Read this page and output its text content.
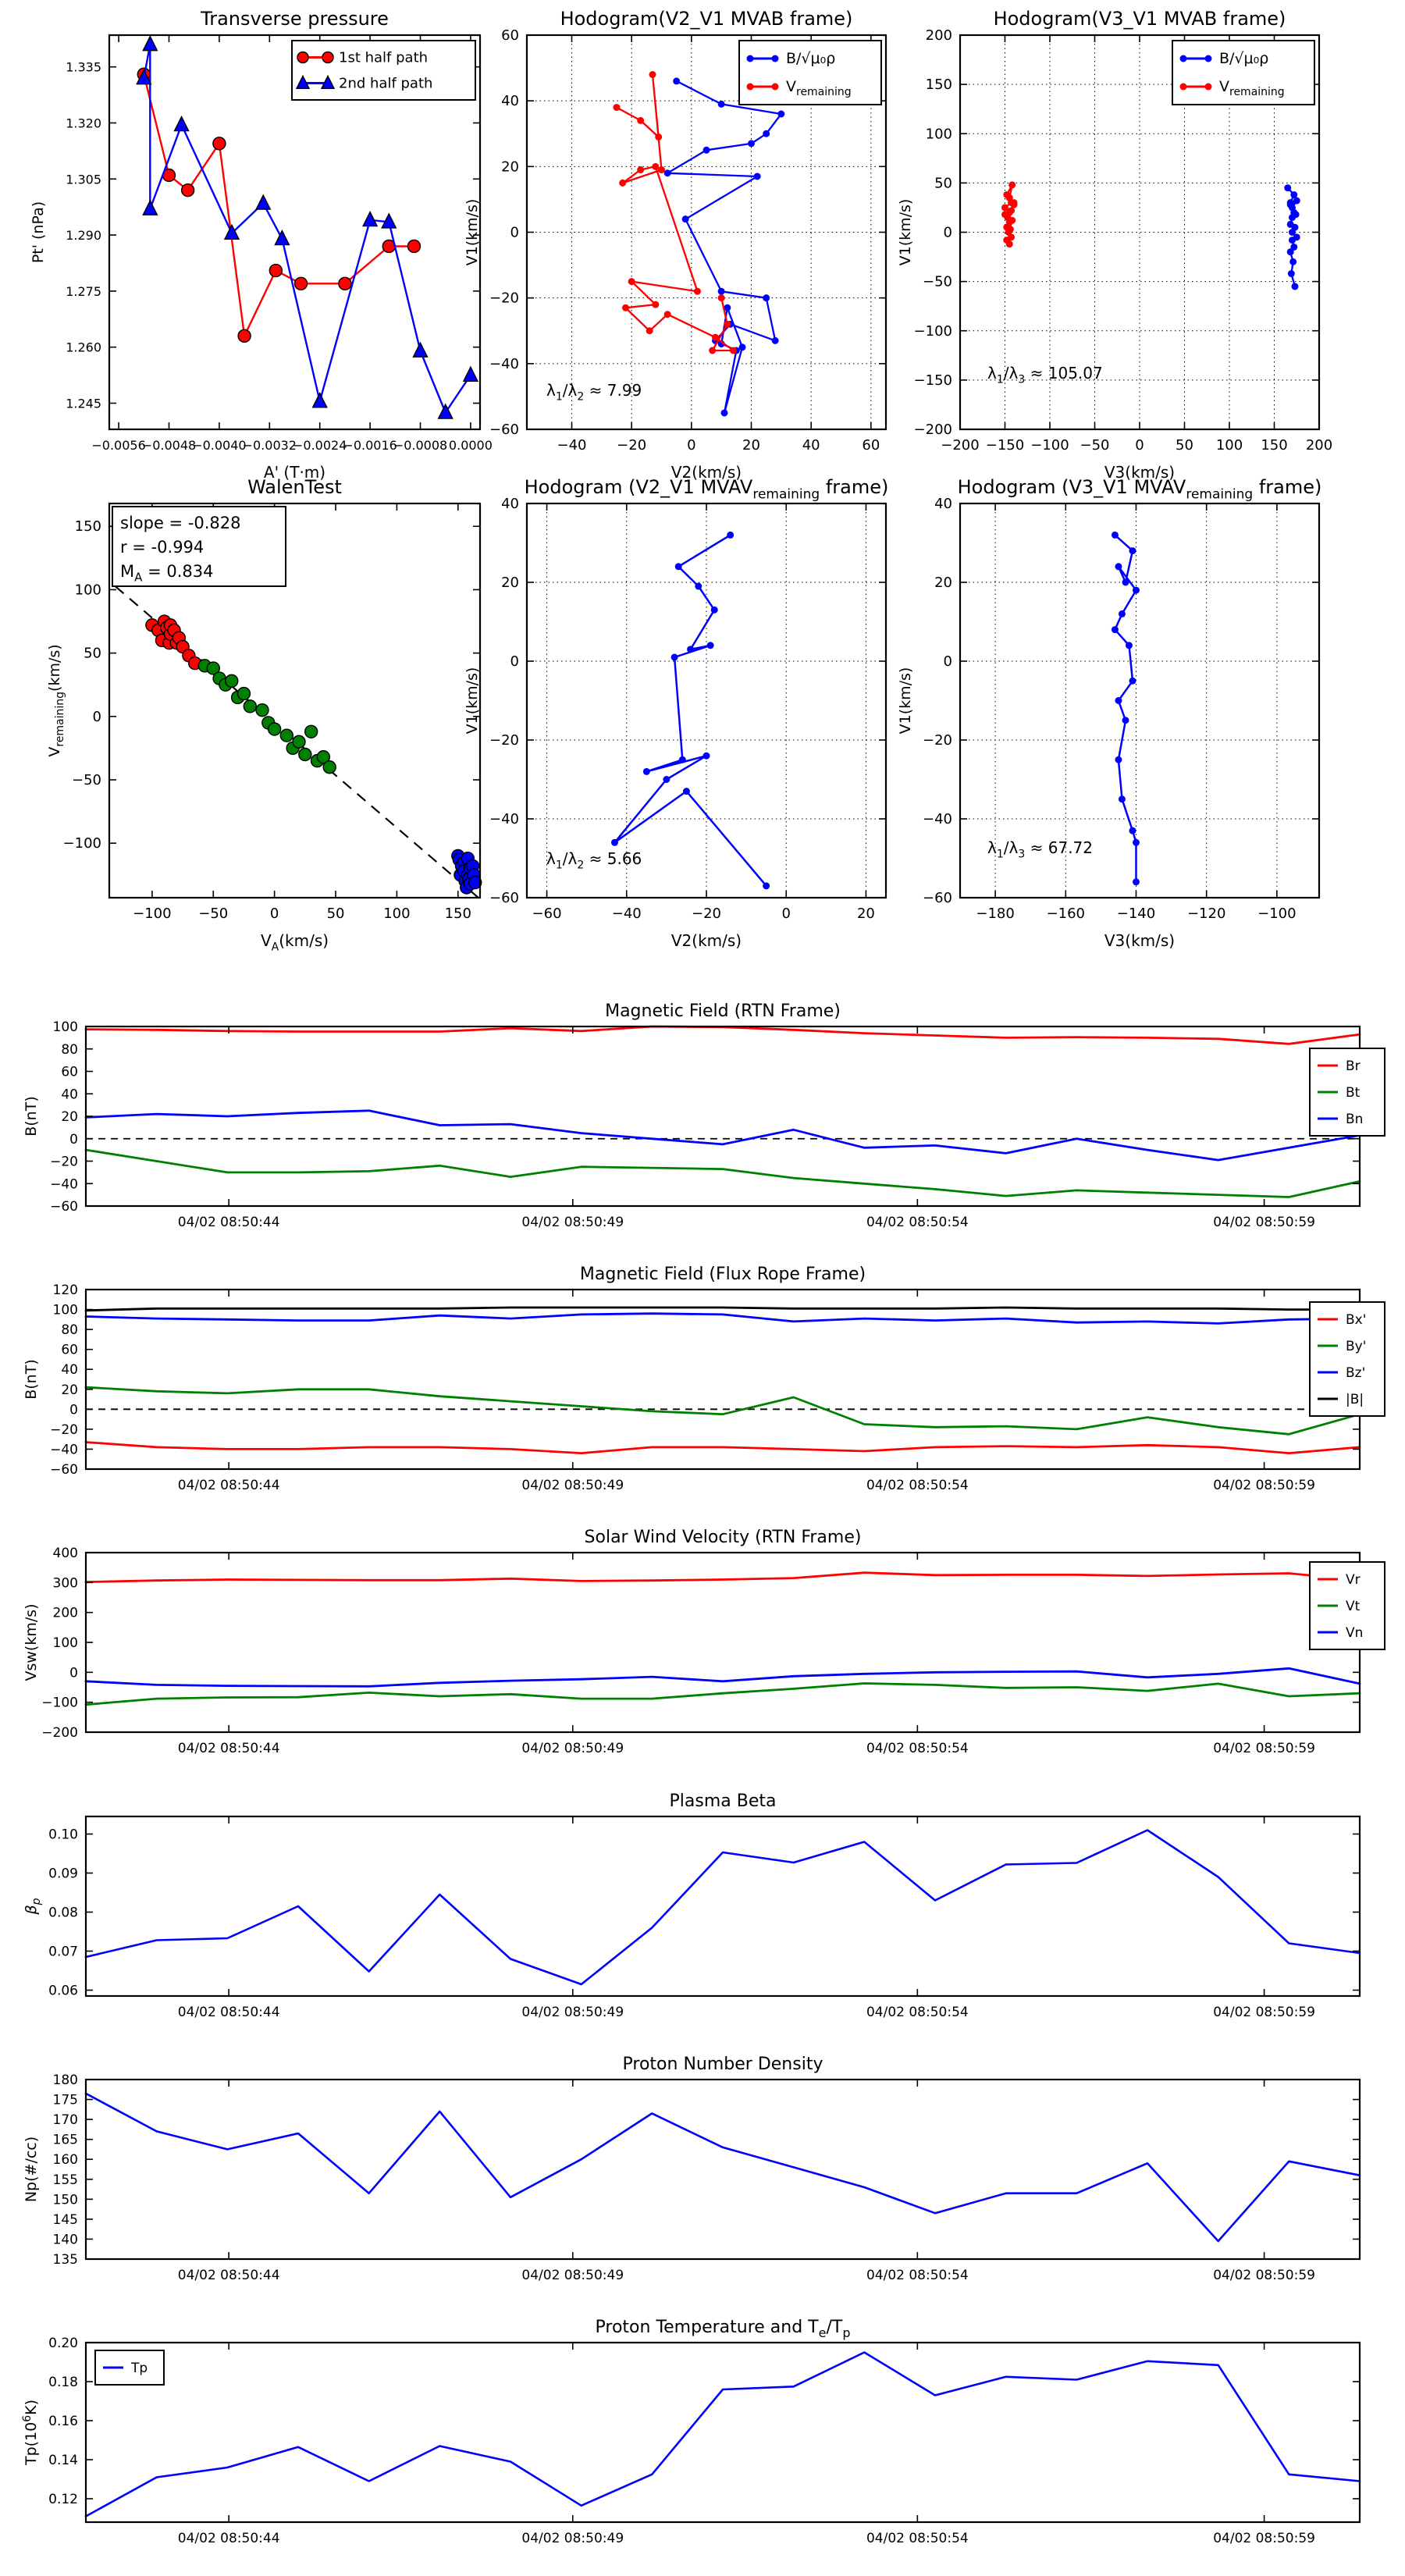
−0.0056
−0.0048
−0.0040
−0.0032
−0.0024
−0.0016
−0.0008 0.0000
1.335
1.320
1.305
1.290
1.275
1.260
1.245
Transverse pressure
A' (T·m)
Pt' (nPa)
1st half path
2nd half path
−40 −20	0	20	40	60
60
40
20
0
−20
−40
−60
Hodogram(V2_V1 MVAB frame)
V2(km/s)
V1(km/s)
B/√μ₀ρ
$V_{remaining}$
$\lambda_1/\lambda_2 \approx 7.99$
−200 −150 −100 −50 0 50 100 150 200
200
150
100
50
0
−50
−100
−150
−200
Hodogram(V3_V1 MVAB frame)
V3(km/s)
V1(km/s)
B/√μ₀ρ
$V_{remaining}$
$\lambda_1/\lambda_3 \approx 105.07$
−100 −50	0	50	100 150
150
100
50
0
−50
−100
WalenTest
$V_A(km/s)$
$V_{remaining}(km/s)$
slope = -0.828
r = -0.994
$M_A = 0.834$
−60	−40	−20	0	20
40
20
0
−20
−40
−60
Hodogram (V2_V1 $MVAV_{remaining}$ frame)
V2(km/s)
V1(km/s)
$\lambda_1/\lambda_2 \approx 5.66$
−180 −160 −140 −120 −100
40
20
0
−20
−40
−60
Hodogram (V3_V1 $MVAV_{remaining}$ frame)
V3(km/s)
V1(km/s)
$\lambda_1/\lambda_3 \approx 67.72$
04/02 08:50:44	04/02 08:50:49	04/02 08:50:54	04/02 08:50:59
100
80
60
40
20
0
−20
−40
−60
Magnetic Field (RTN Frame)
B(nT)
Br
Bt
Bn
04/02 08:50:44	04/02 08:50:49	04/02 08:50:54	04/02 08:50:59
120
100
80
60
40
20
0
−20
−40
−60
Magnetic Field (Flux Rope Frame)
B(nT)
Bx'
By'
Bz'
|B|
04/02 08:50:44	04/02 08:50:49	04/02 08:50:54	04/02 08:50:59
400
300
200
100
0
−100
−200
Solar Wind Velocity (RTN Frame)
Vsw(km/s)
Vr
Vt
Vn
04/02 08:50:44	04/02 08:50:49	04/02 08:50:54	04/02 08:50:59
0.10
0.09
0.08
0.07
0.06
Plasma Beta
$\beta_p$
04/02 08:50:44	04/02 08:50:49	04/02 08:50:54	04/02 08:50:59
180
175
170
165
160
155
150
145
140
135
Proton Number Density
Np(#/cc)
04/02 08:50:44	04/02 08:50:49	04/02 08:50:54	04/02 08:50:59
0.20
0.18
0.16
0.14
0.12
Proton Temperature and $T_e/T_p$
$Tp(10^6K)$
Tp
